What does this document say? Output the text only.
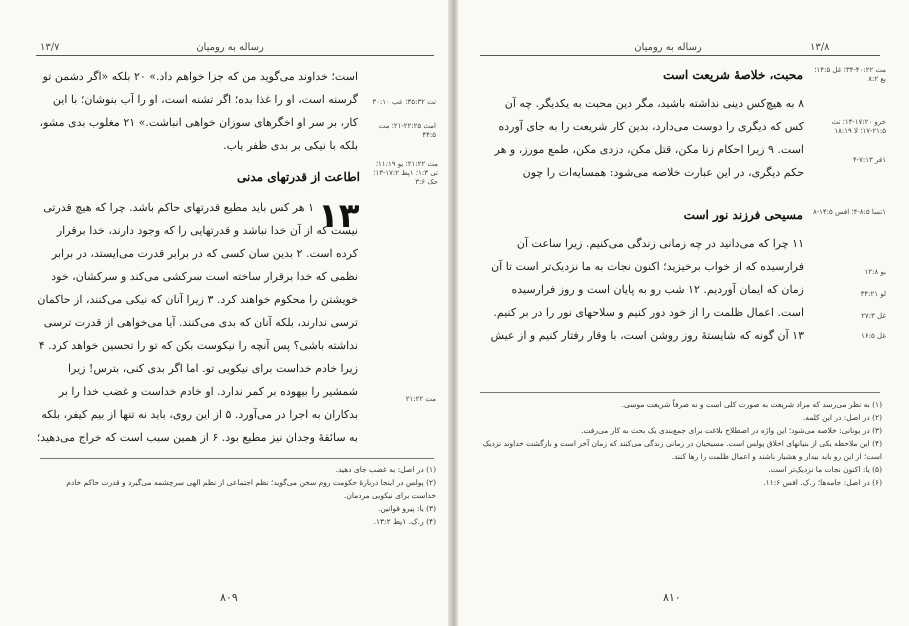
۱۳/۷	رساله به رومیان

است؛ خداوند می‌گوید من که جزا خواهم داد.» ۲۰ بلکه «اگر دشمن تو گرسنه است، او را غذا بده؛ اگر تشنه است، او را آب بنوشان؛ با این کار، بر سر او اخگرهای سوزان خواهی انباشت.» ۲۱ مغلوب بدی مشو، بلکه با نیکی بر بدی ظفر یاب.

تث ۳۲‏:۳۵؛ عب ۱۰‏:۳۰
امث ۲۵‏:۲۱-۲۲؛ مت ۵‏:۴۴
اطاعت از قدرتهای مدنی
مت ۲۲‏:۲۱؛ یو ۱۹‏:۱۱؛ تی ۳‏:۱؛ ۱پط ۲‏:۱۳-۱۷؛ حک ۶‏:۳
۱۳

۱ هر کس باید مطیع قدرتهای حاکم باشد. چرا که هیچ قدرتی نیست که از آن خدا نباشد و قدرتهایی را که وجود دارند، خدا برقرار کرده است. ۲ بدین سان کسی که در برابر قدرت می‌ایستد، در برابر نظمی که خدا برقرار ساخته است سرکشی می‌کند و سرکشان، خود خویشتن را محکوم خواهند کرد. ۳ زیرا آنان که نیکی می‌کنند، از حاکمان ترسی ندارند، بلکه آنان که بدی می‌کنند. آیا می‌خواهی از قدرت ترسی نداشته باشی؟ پس آنچه را نیکوست بکن که تو را تحسین خواهد کرد. ۴ زیرا خادم خداست برای نیکویی تو. اما اگر بدی کنی، بترس! زیرا شمشیر را بیهوده بر کمر ندارد. او خادم خداست و غضب خدا را بر بدکاران به اجرا در می‌آورد. ۵ از این روی، باید نه تنها از بیم کیفر، بلکه به سائقهٔ وجدان نیز مطیع بود. ۶ از همین سبب است که خراج می‌دهید؛

مت ۲۲‏:۲۱
(۱) در اصل: به غضب جای دهید.
(۲) پولس در اینجا دربارهٔ حکومت روم سخن می‌گوید؛ نظم اجتماعی از نظم الهی سرچشمه می‌گیرد و قدرت حاکم خادم خداست برای نیکویی مردمان.
(۳) یا: پیرو قوانین.
(۴) ر.ک. ۱پط ۲‏:۱۳.
۸۰۹
۱۳/۸
رساله به رومیان
محبت، خلاصهٔ شریعت است

۸ به هیچ‌کس دینی نداشته باشید، مگر دین محبت به یکدیگر. چه آن کس که دیگری را دوست می‌دارد، بدین کار شریعت را به جای آورده است. ۹ زیرا احکام زنا مکن، قتل مکن، دزدی مکن، طمع مورز، و هر حکم دیگری، در این عبارت خلاصه می‌شود: همسایه‌ات را چون

مت ۲۲‏:۳۴-۴۰؛ غل ۵‏:۱۴؛ یع ۲‏:۸
خرو ۲۰‏:۱۳-۱۷؛ تث ۵‏:۱۷-۲۱؛ لا ۱۹‏:۱۸
۱قر ۱۳‏:۴-۷
مسیحی فرزند نور است

۱۱ چرا که می‌دانید در چه زمانی زندگی می‌کنیم. زیرا ساعت آن فرارسیده که از خواب برخیزید؛ اکنون نجات به ما نزدیک‌تر است تا آن زمان که ایمان آوردیم. ۱۲ شب رو به پایان است و روز فرارسیده است. اعمال ظلمت را از خود دور کنیم و سلاحهای نور را در بر کنیم. ۱۳ آن گونه که شایستهٔ روز روشن است، با وقار رفتار کنیم و از عیش

۱تسا ۵‏:۴-۸؛ افس ۵‏:۸-۱۴
یو ۸‏:۱۲
لو ۲۱‏:۳۴
غل ۳‏:۲۷
غل ۵‏:۱۶
(۱) به نظر می‌رسد که مراد شریعت به صورت کلی است و نه صرفاً شریعت موسی.
(۲) در اصل: در این کلمه.
(۳) در یونانی: خلاصه می‌شود؛ این واژه در اصطلاح بلاغت برای جمع‌بندی یک بحث به کار می‌رفت.
(۴) این ملاحظه یکی از بنیانهای اخلاق پولس است. مسیحیان در زمانی زندگی می‌کنند که زمان آخر است و بازگشت خداوند نزدیک است؛ از این رو باید بیدار و هشیار باشند و اعمال ظلمت را رها کنند.
(۵) یا: اکنون نجات ما نزدیک‌تر است.
(۶) در اصل: جامه‌ها؛ ر.ک. افس ۶‏:۱۱.
۸۱۰
